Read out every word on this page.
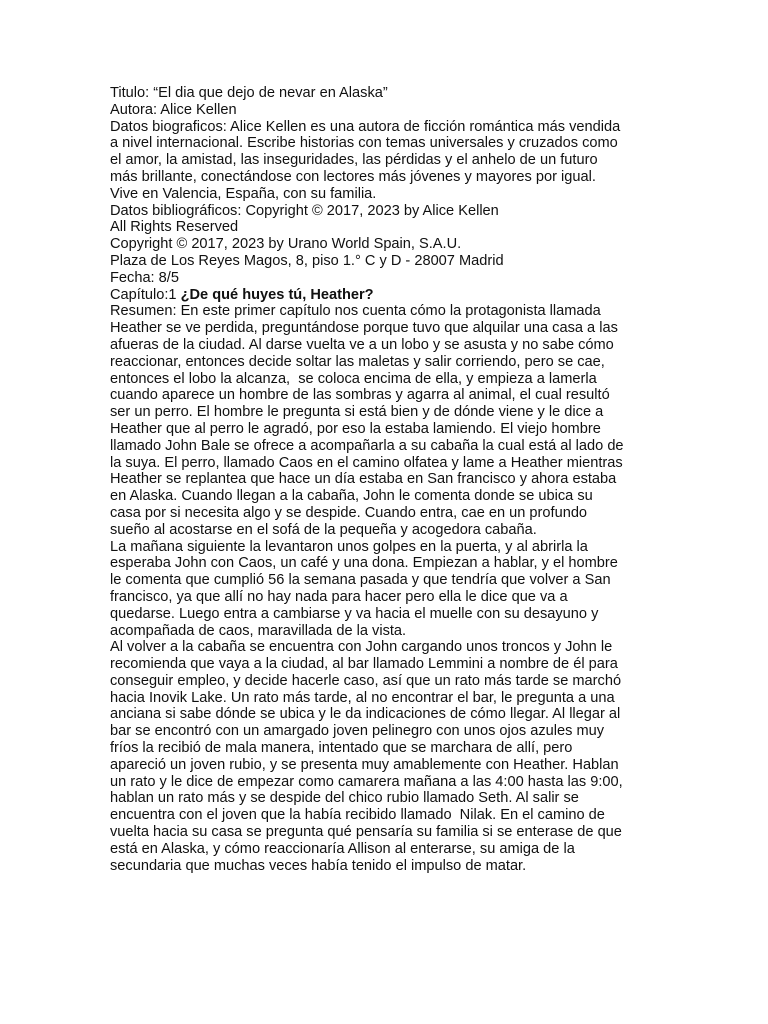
Titulo: “El dia que dejo de nevar en Alaska”
Autora: Alice Kellen
Datos biograficos: Alice Kellen es una autora de ficción romántica más vendida
a nivel internacional. Escribe historias con temas universales y cruzados como
el amor, la amistad, las inseguridades, las pérdidas y el anhelo de un futuro
más brillante, conectándose con lectores más jóvenes y mayores por igual.
Vive en Valencia, España, con su familia.
Datos bibliográficos: Copyright © 2017, 2023 by Alice Kellen
All Rights Reserved
Copyright © 2017, 2023 by Urano World Spain, S.A.U.
Plaza de Los Reyes Magos, 8, piso 1.° C y D - 28007 Madrid
Fecha: 8/5
Capítulo:1 ¿De qué huyes tú, Heather?
Resumen: En este primer capítulo nos cuenta cómo la protagonista llamada
Heather se ve perdida, preguntándose porque tuvo que alquilar una casa a las
afueras de la ciudad. Al darse vuelta ve a un lobo y se asusta y no sabe cómo
reaccionar, entonces decide soltar las maletas y salir corriendo, pero se cae,
entonces el lobo la alcanza,  se coloca encima de ella, y empieza a lamerla
cuando aparece un hombre de las sombras y agarra al animal, el cual resultó
ser un perro. El hombre le pregunta si está bien y de dónde viene y le dice a
Heather que al perro le agradó, por eso la estaba lamiendo. El viejo hombre
llamado John Bale se ofrece a acompañarla a su cabaña la cual está al lado de
la suya. El perro, llamado Caos en el camino olfatea y lame a Heather mientras
Heather se replantea que hace un día estaba en San francisco y ahora estaba
en Alaska. Cuando llegan a la cabaña, John le comenta donde se ubica su
casa por si necesita algo y se despide. Cuando entra, cae en un profundo
sueño al acostarse en el sofá de la pequeña y acogedora cabaña.
La mañana siguiente la levantaron unos golpes en la puerta, y al abrirla la
esperaba John con Caos, un café y una dona. Empiezan a hablar, y el hombre
le comenta que cumplió 56 la semana pasada y que tendría que volver a San
francisco, ya que allí no hay nada para hacer pero ella le dice que va a
quedarse. Luego entra a cambiarse y va hacia el muelle con su desayuno y
acompañada de caos, maravillada de la vista.
Al volver a la cabaña se encuentra con John cargando unos troncos y John le
recomienda que vaya a la ciudad, al bar llamado Lemmini a nombre de él para
conseguir empleo, y decide hacerle caso, así que un rato más tarde se marchó
hacia Inovik Lake. Un rato más tarde, al no encontrar el bar, le pregunta a una
anciana si sabe dónde se ubica y le da indicaciones de cómo llegar. Al llegar al
bar se encontró con un amargado joven pelinegro con unos ojos azules muy
fríos la recibió de mala manera, intentado que se marchara de allí, pero
apareció un joven rubio, y se presenta muy amablemente con Heather. Hablan
un rato y le dice de empezar como camarera mañana a las 4:00 hasta las 9:00,
hablan un rato más y se despide del chico rubio llamado Seth. Al salir se
encuentra con el joven que la había recibido llamado  Nilak. En el camino de
vuelta hacia su casa se pregunta qué pensaría su familia si se enterase de que
está en Alaska, y cómo reaccionaría Allison al enterarse, su amiga de la
secundaria que muchas veces había tenido el impulso de matar.
